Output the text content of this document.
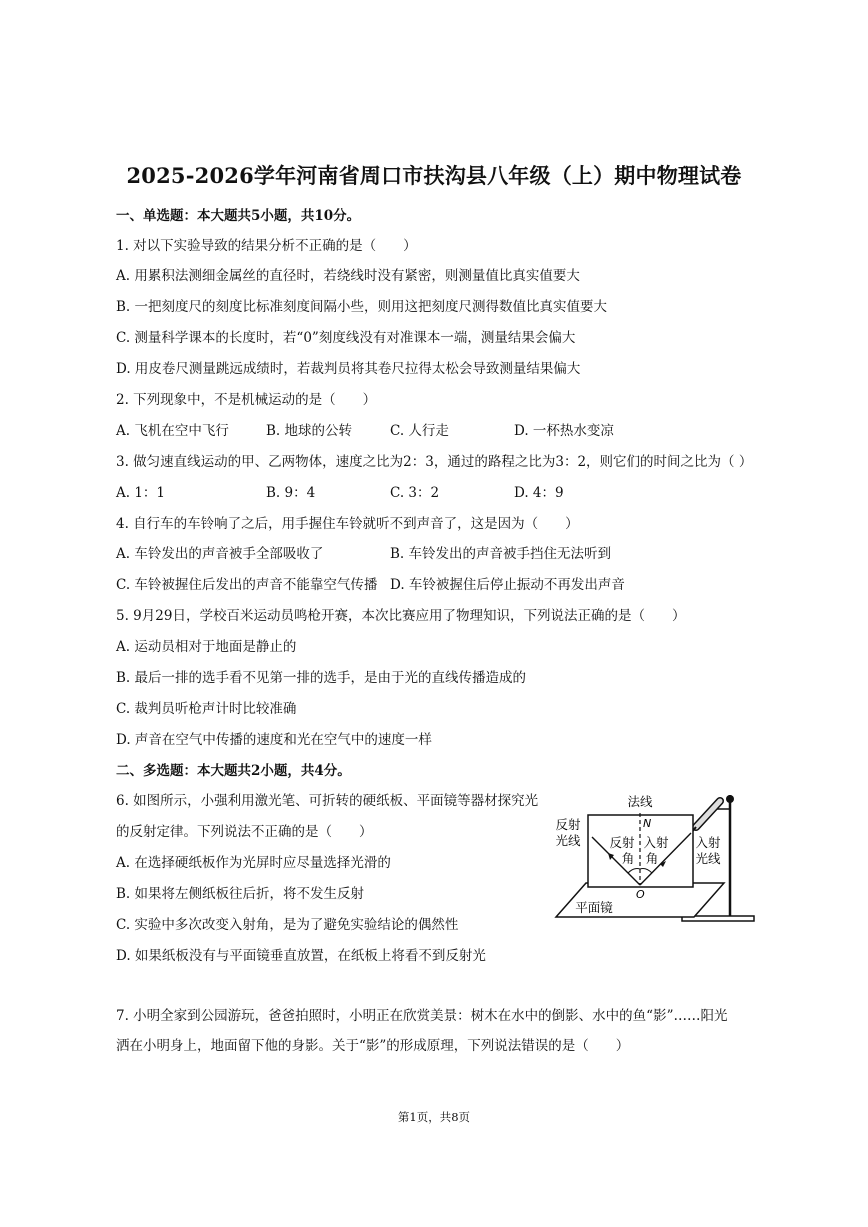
2025-2026学年河南省周口市扶沟县八年级（上）期中物理试卷
一、单选题：本大题共5小题，共10分。
1. 对以下实验导致的结果分析不正确的是（　　）
A. 用累积法测细金属丝的直径时，若绕线时没有紧密，则测量值比真实值要大
B. 一把刻度尺的刻度比标准刻度间隔小些，则用这把刻度尺测得数值比真实值要大
C. 测量科学课本的长度时，若“0”刻度线没有对准课本一端，测量结果会偏大
D. 用皮卷尺测量跳远成绩时，若裁判员将其卷尺拉得太松会导致测量结果偏大
2. 下列现象中，不是机械运动的是（　　）
A. 飞机在空中飞行	B. 地球的公转	C. 人行走	D. 一杯热水变凉
3. 做匀速直线运动的甲、乙两物体，速度之比为2：3，通过的路程之比为3：2，则它们的时间之比为（ ）
A. 1：1	B. 9：4	C. 3：2	D. 4：9
4. 自行车的车铃响了之后，用手握住车铃就听不到声音了，这是因为（　　）
A. 车铃发出的声音被手全部吸收了	B. 车铃发出的声音被手挡住无法听到
C. 车铃被握住后发出的声音不能靠空气传播 D. 车铃被握住后停止振动不再发出声音
5. 9月29日，学校百米运动员鸣枪开赛，本次比赛应用了物理知识，下列说法正确的是（　　）
A. 运动员相对于地面是静止的
B. 最后一排的选手看不见第一排的选手，是由于光的直线传播造成的
C. 裁判员听枪声计时比较准确
D. 声音在空气中传播的速度和光在空气中的速度一样
二、多选题：本大题共2小题，共4分。
6. 如图所示，小强利用激光笔、可折转的硬纸板、平面镜等器材探究光
的反射定律。下列说法不正确的是（　　）
A. 在选择硬纸板作为光屏时应尽量选择光滑的
B. 如果将左侧纸板往后折，将不发生反射
C. 实验中多次改变入射角，是为了避免实验结论的偶然性
D. 如果纸板没有与平面镜垂直放置，在纸板上将看不到反射光
法线
N
反射
光线	入射
光线
反射
角
入射
角
O
平面镜
7. 小明全家到公园游玩，爸爸拍照时，小明正在欣赏美景：树木在水中的倒影、水中的鱼“影”……阳光
洒在小明身上，地面留下他的身影。关于“影”的形成原理，下列说法错误的是（　　）
第1页，共8页
